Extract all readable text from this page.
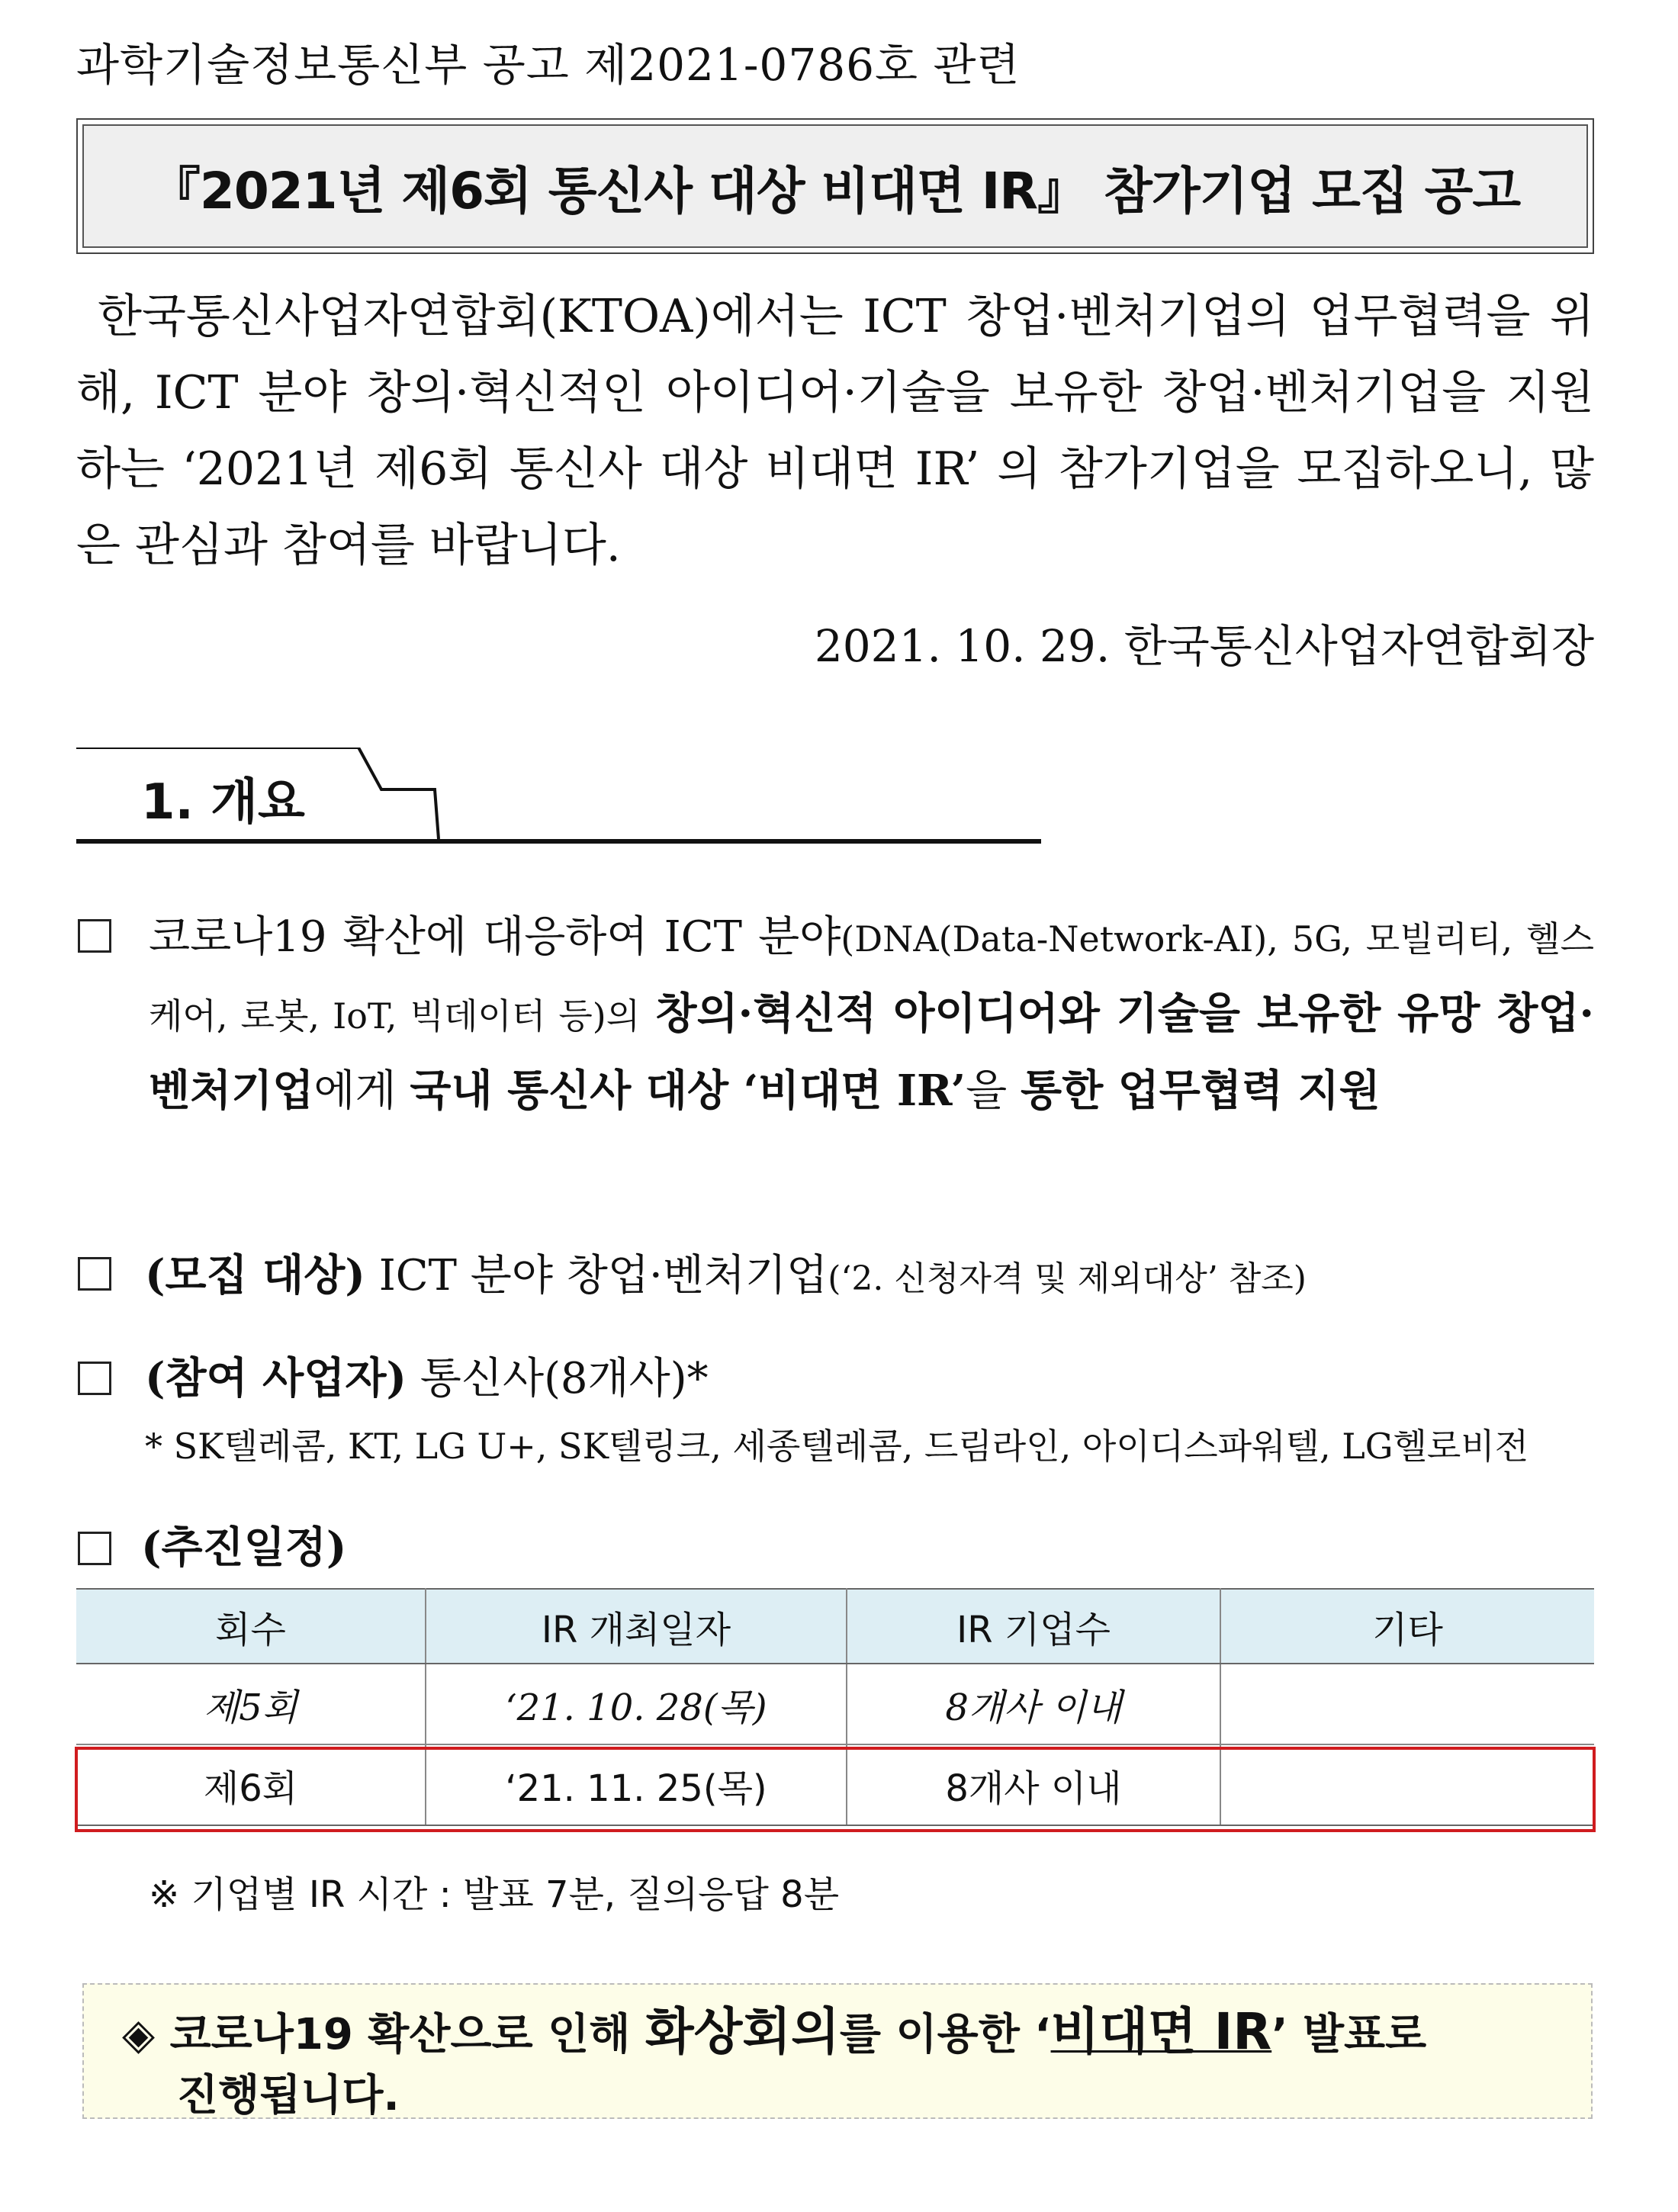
과학기술정보통신부 공고 제2021-0786호 관련
『2021년 제6회 통신사 대상 비대면 IR』 참가기업 모집 공고

한국통신사업자연합회(KTOA)에서는 ICT 창업·벤처기업의 업무협력을 위해, ICT 분야 창의·혁신적인 아이디어·기술을 보유한 창업·벤처기업을 지원하는 ‘2021년 제6회 통신사 대상 비대면 IR’ 의 참가기업을 모집하오니, 많은 관심과 참여를 바랍니다.

2021. 10. 29. 한국통신사업자연합회장
1. 개요
코로나19 확산에 대응하여 ICT 분야(DNA(Data-Network-AI), 5G, 모빌리티, 헬스케어, 로봇, IoT, 빅데이터 등)의 창의·혁신적 아이디어와 기술을 보유한 유망 창업·벤처기업에게 국내 통신사 대상 ‘비대면 IR’을 통한 업무협력 지원
(모집 대상) ICT 분야 창업·벤처기업(‘2. 신청자격 및 제외대상’ 참조)
(참여 사업자) 통신사(8개사)*
* SK텔레콤, KT, LG U+, SK텔링크, 세종텔레콤, 드림라인, 아이디스파워텔, LG헬로비전
(추진일정)
회수	IR 개최일자	IR 기업수	기타
제5회	‘21. 10. 28(목)	8개사 이내	
제6회	‘21. 11. 25(목)	8개사 이내	
※ 기업별 IR 시간 : 발표 7분, 질의응답 8분
◈ 코로나19 확산으로 인해 화상회의를 이용한 ‘비대면 IR’ 발표로
진행됩니다.
